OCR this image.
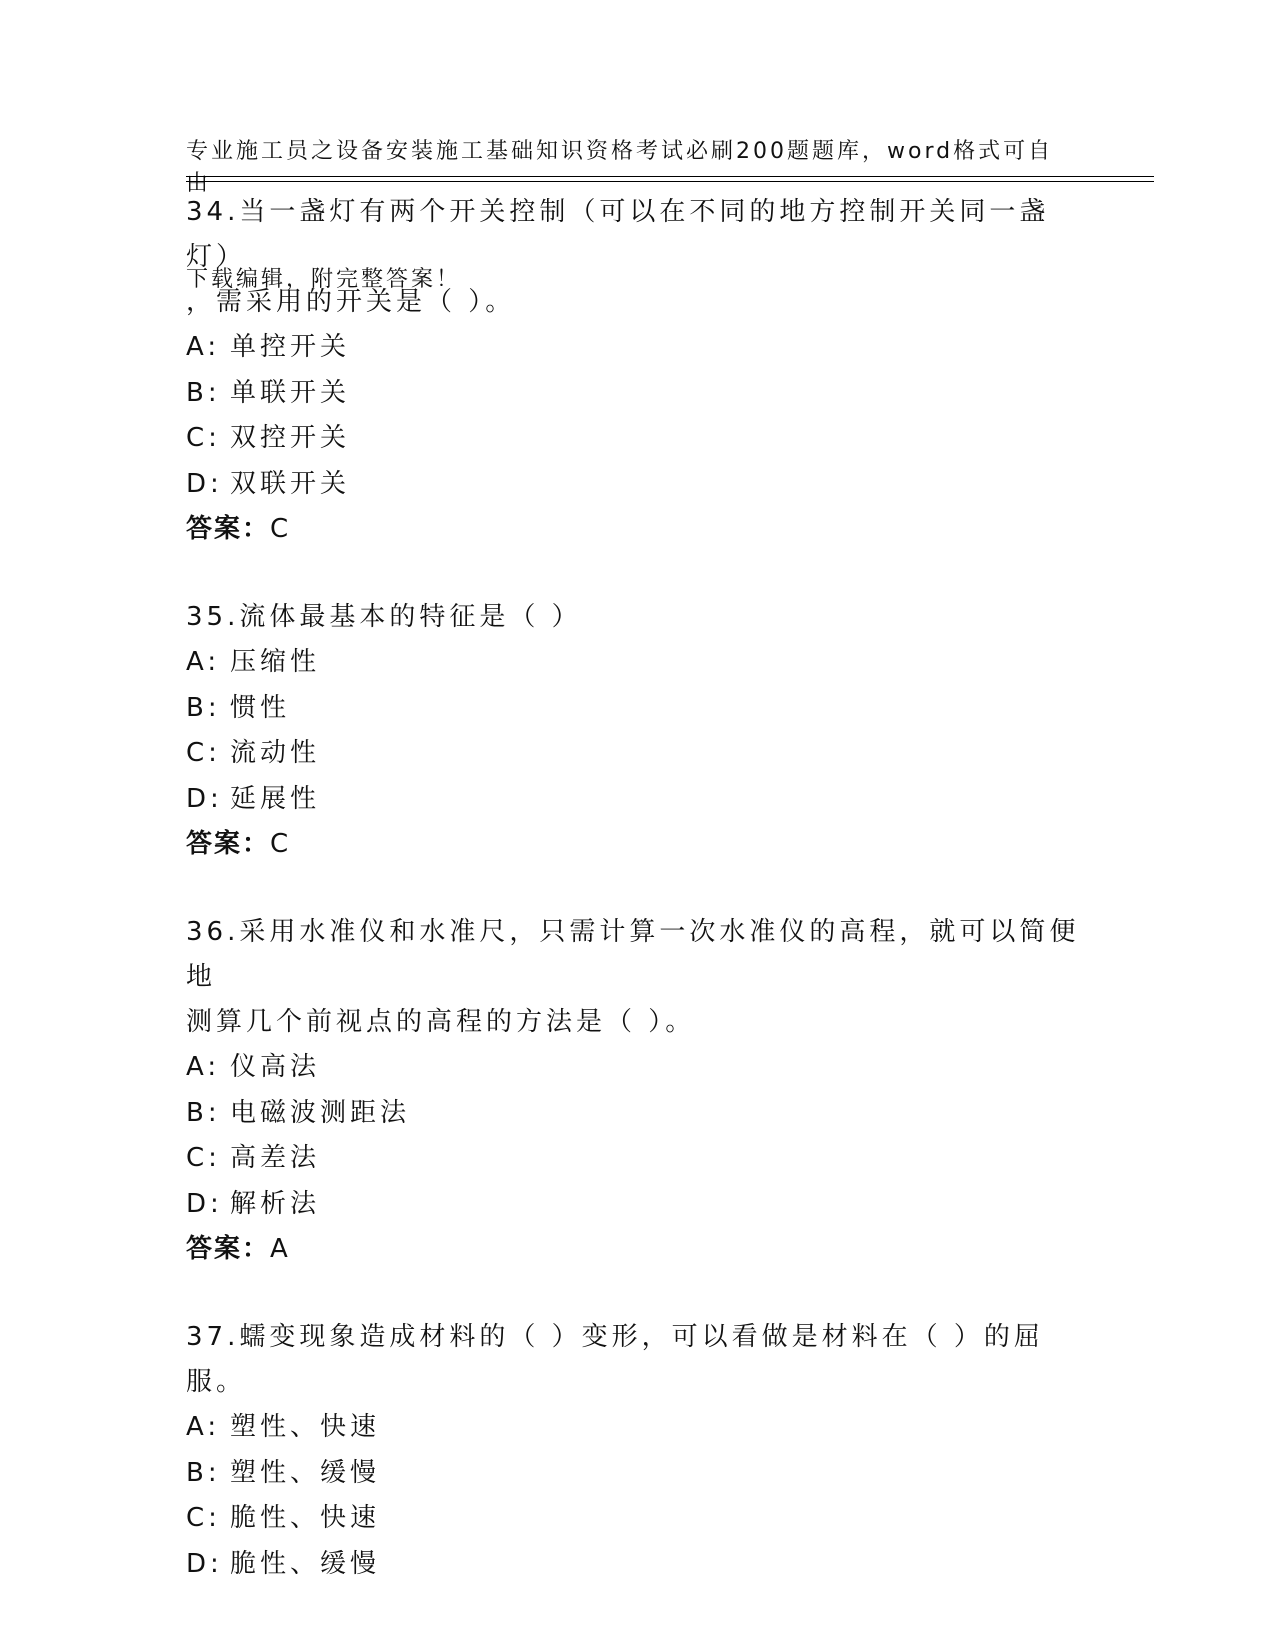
专业施工员之设备安装施工基础知识资格考试必刷200题题库，word格式可自由

下载编辑，附完整答案！

34.当一盏灯有两个开关控制（可以在不同的地方控制开关同一盏灯）
，需采用的开关是（ ）。
A: 单控开关
B: 单联开关
C: 双控开关
D: 双联开关
答案：C
35.流体最基本的特征是（ ）
A: 压缩性
B: 惯性
C: 流动性
D: 延展性
答案：C
36.采用水准仪和水准尺，只需计算一次水准仪的高程，就可以简便地
测算几个前视点的高程的方法是（ ）。
A: 仪高法
B: 电磁波测距法
C: 高差法
D: 解析法
答案：A
37.蠕变现象造成材料的（ ）变形，可以看做是材料在（ ）的屈服。
A: 塑性、快速
B: 塑性、缓慢
C: 脆性、快速
D: 脆性、缓慢
